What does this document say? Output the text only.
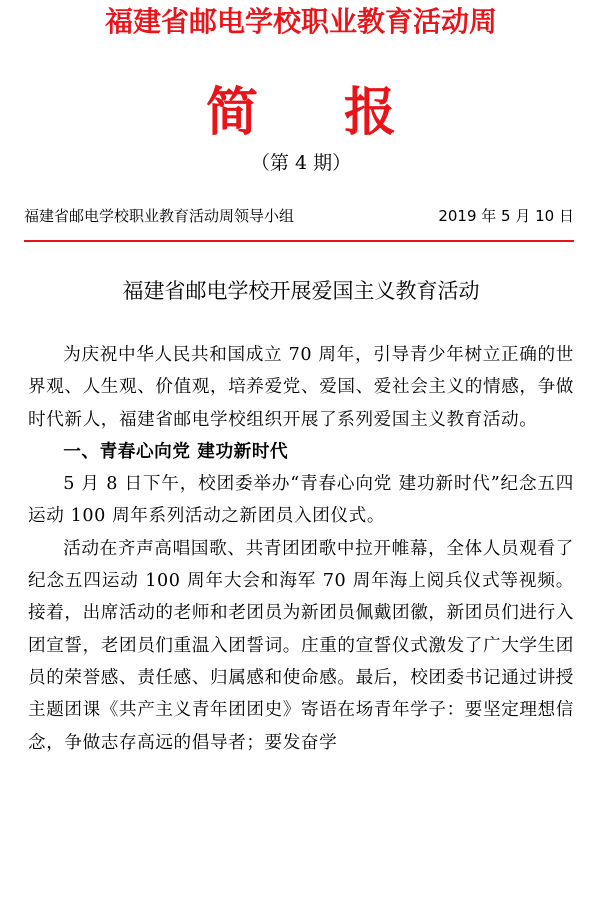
福建省邮电学校职业教育活动周
简 报
（第 4 期）
福建省邮电学校职业教育活动周领导小组	2019 年 5 月 10 日
福建省邮电学校开展爱国主义教育活动

为庆祝中华人民共和国成立 70 周年，引导青少年树立正确的世界观、人生观、价值观，培养爱党、爱国、爱社会主义的情感，争做时代新人，福建省邮电学校组织开展了系列爱国主义教育活动。

一、青春心向党 建功新时代

5 月 8 日下午，校团委举办“青春心向党 建功新时代”纪念五四运动 100 周年系列活动之新团员入团仪式。

活动在齐声高唱国歌、共青团团歌中拉开帷幕，全体人员观看了纪念五四运动 100 周年大会和海军 70 周年海上阅兵仪式等视频。接着，出席活动的老师和老团员为新团员佩戴团徽，新团员们进行入团宣誓，老团员们重温入团誓词。庄重的宣誓仪式激发了广大学生团员的荣誉感、责任感、归属感和使命感。最后，校团委书记通过讲授主题团课《共产主义青年团团史》寄语在场青年学子：要坚定理想信念，争做志存高远的倡导者；要发奋学
